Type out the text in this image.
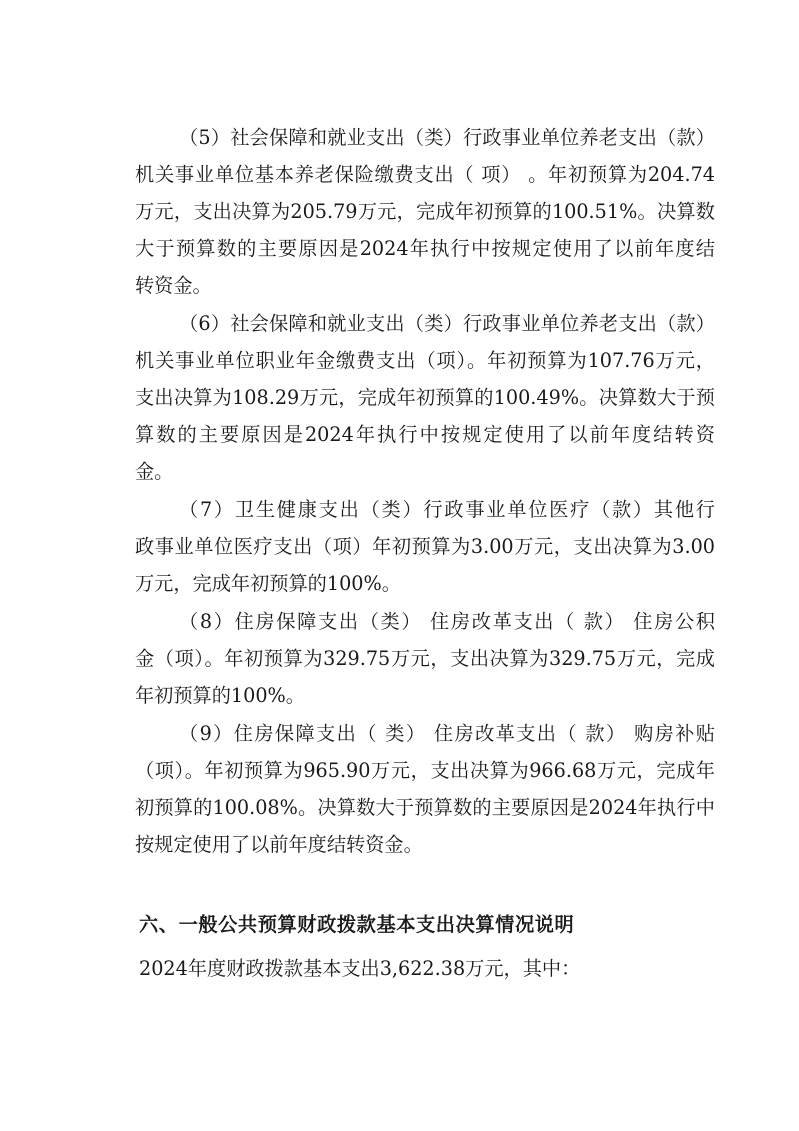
（5）社会保障和就业支出（类）行政事业单位养老支出（款）
机关事业单位基本养老保险缴费支出（ 项） 。年初预算为204.74
万元，支出决算为205.79万元，完成年初预算的100.51%。决算数
大于预算数的主要原因是2024年执行中按规定使用了以前年度结
转资金。

（6）社会保障和就业支出（类）行政事业单位养老支出（款）
机关事业单位职业年金缴费支出（项）。年初预算为107.76万元，
支出决算为108.29万元，完成年初预算的100.49%。决算数大于预
算数的主要原因是2024年执行中按规定使用了以前年度结转资
金。

（7）卫生健康支出（类）行政事业单位医疗（款）其他行
政事业单位医疗支出（项）年初预算为3.00万元，支出决算为3.00
万元，完成年初预算的100%。

（8）住房保障支出（类） 住房改革支出（ 款） 住房公积
金（项）。年初预算为329.75万元，支出决算为329.75万元，完成
年初预算的100%。

（9）住房保障支出（ 类） 住房改革支出（ 款） 购房补贴
（项）。年初预算为965.90万元，支出决算为966.68万元，完成年
初预算的100.08%。决算数大于预算数的主要原因是2024年执行中
按规定使用了以前年度结转资金。

六、一般公共预算财政拨款基本支出决算情况说明

2024年度财政拨款基本支出3,622.38万元，其中：
